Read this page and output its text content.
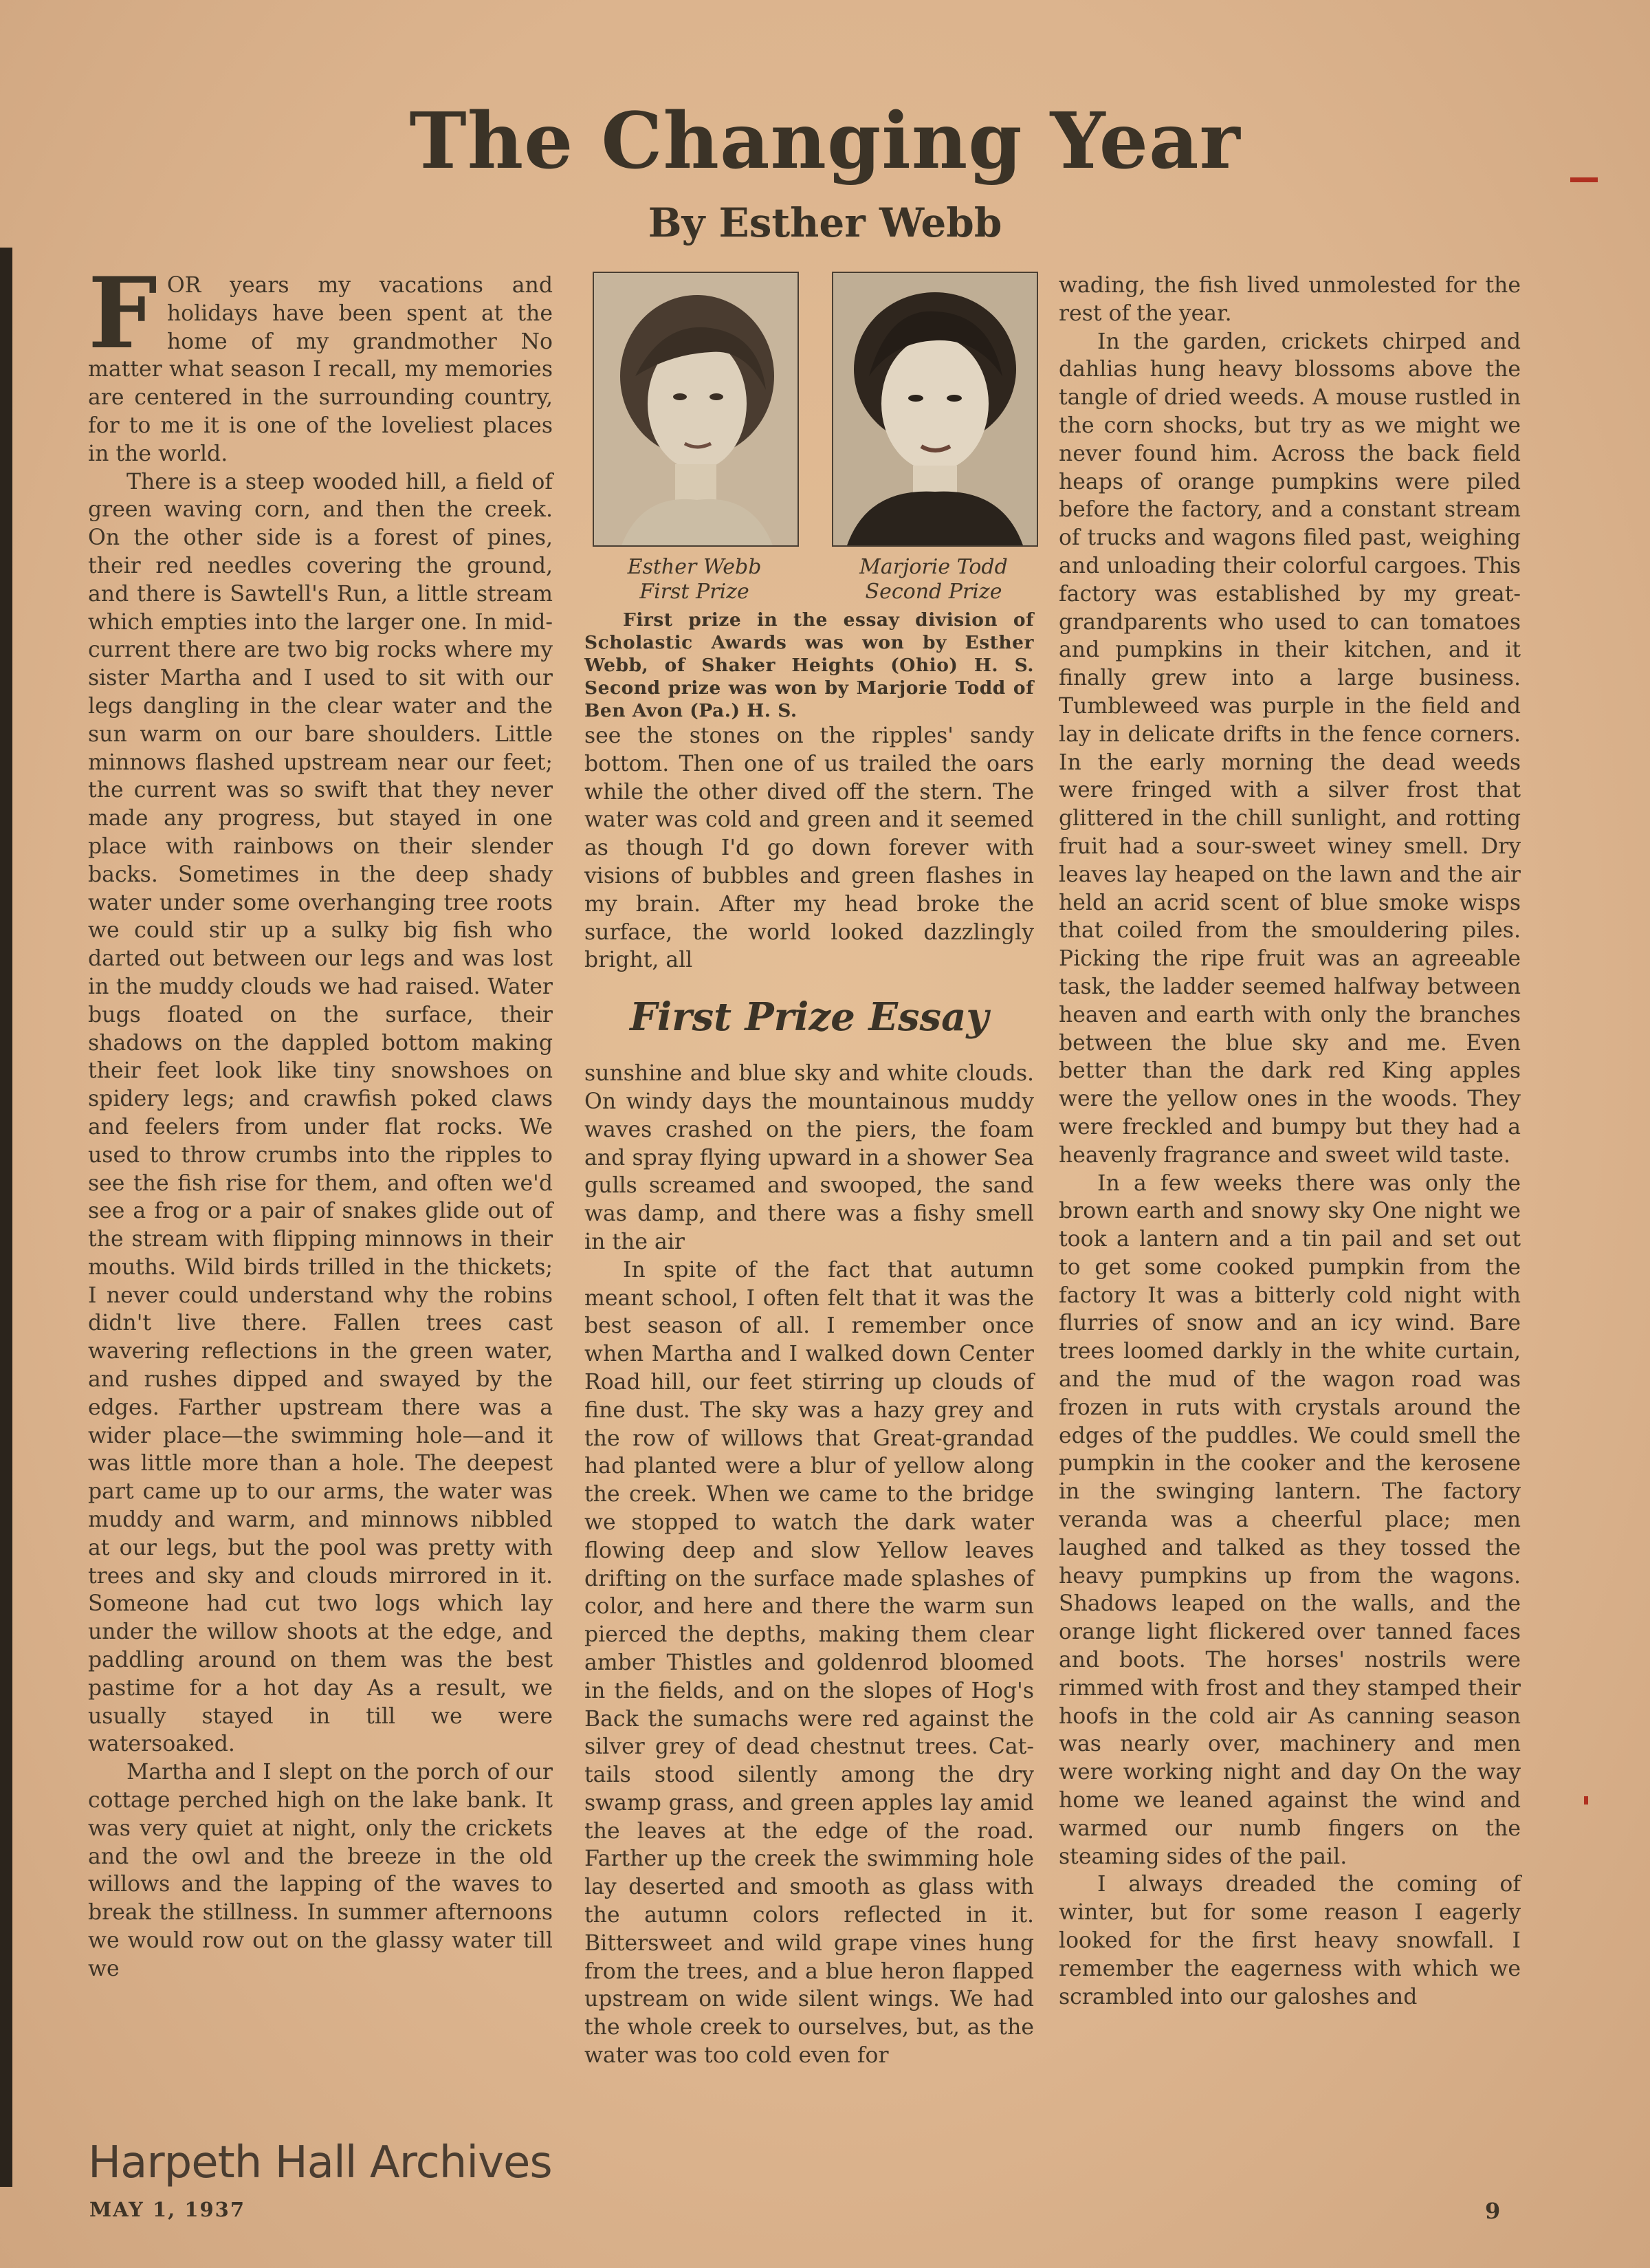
The Changing Year
By Esther Webb

FOR years my vacations and holidays have been spent at the home of my grandmother No matter what season I recall, my memories are centered in the surrounding country, for to me it is one of the loveliest places in the world.

There is a steep wooded hill, a field of green waving corn, and then the creek. On the other side is a forest of pines, their red needles covering the ground, and there is Sawtell's Run, a little stream which empties into the larger one. In mid-current there are two big rocks where my sister Martha and I used to sit with our legs dangling in the clear water and the sun warm on our bare shoulders. Little minnows flashed upstream near our feet; the current was so swift that they never made any progress, but stayed in one place with rainbows on their slender backs. Sometimes in the deep shady water under some overhanging tree roots we could stir up a sulky big fish who darted out between our legs and was lost in the muddy clouds we had raised. Water bugs floated on the surface, their shadows on the dappled bottom making their feet look like tiny snowshoes on spidery legs; and crawfish poked claws and feelers from under flat rocks. We used to throw crumbs into the ripples to see the fish rise for them, and often we'd see a frog or a pair of snakes glide out of the stream with flipping minnows in their mouths. Wild birds trilled in the thickets; I never could understand why the robins didn't live there. Fallen trees cast wavering reflections in the green water, and rushes dipped and swayed by the edges. Farther upstream there was a wider place—the swimming hole—and it was little more than a hole. The deepest part came up to our arms, the water was muddy and warm, and minnows nibbled at our legs, but the pool was pretty with trees and sky and clouds mirrored in it. Someone had cut two logs which lay under the willow shoots at the edge, and paddling around on them was the best pastime for a hot day As a result, we usually stayed in till we were watersoaked.

Martha and I slept on the porch of our cottage perched high on the lake bank. It was very quiet at night, only the crickets and the owl and the breeze in the old willows and the lapping of the waves to break the stillness. In summer afternoons we would row out on the glassy water till we

Esther Webb
First Prize
Marjorie Todd
Second Prize

First prize in the essay division of Scholastic Awards was won by Esther Webb, of Shaker Heights (Ohio) H. S. Second prize was won by Marjorie Todd of Ben Avon (Pa.) H. S.

see the stones on the ripples' sandy bottom. Then one of us trailed the oars while the other dived off the stern. The water was cold and green and it seemed as though I'd go down forever with visions of bubbles and green flashes in my brain. After my head broke the surface, the world looked dazzlingly bright, all

First Prize Essay

sunshine and blue sky and white clouds. On windy days the mountainous muddy waves crashed on the piers, the foam and spray flying upward in a shower Sea gulls screamed and swooped, the sand was damp, and there was a fishy smell in the air

In spite of the fact that autumn meant school, I often felt that it was the best season of all. I remember once when Martha and I walked down Center Road hill, our feet stirring up clouds of fine dust. The sky was a hazy grey and the row of willows that Great-grandad had planted were a blur of yellow along the creek. When we came to the bridge we stopped to watch the dark water flowing deep and slow Yellow leaves drifting on the surface made splashes of color, and here and there the warm sun pierced the depths, making them clear amber Thistles and goldenrod bloomed in the fields, and on the slopes of Hog's Back the sumachs were red against the silver grey of dead chestnut trees. Cat-tails stood silently among the dry swamp grass, and green apples lay amid the leaves at the edge of the road. Farther up the creek the swimming hole lay deserted and smooth as glass with the autumn colors reflected in it. Bittersweet and wild grape vines hung from the trees, and a blue heron flapped upstream on wide silent wings. We had the whole creek to ourselves, but, as the water was too cold even for

wading, the fish lived unmolested for the rest of the year.

In the garden, crickets chirped and dahlias hung heavy blossoms above the tangle of dried weeds. A mouse rustled in the corn shocks, but try as we might we never found him. Across the back field heaps of orange pumpkins were piled before the factory, and a constant stream of trucks and wagons filed past, weighing and unloading their colorful cargoes. This factory was established by my great-grandparents who used to can tomatoes and pumpkins in their kitchen, and it finally grew into a large business. Tumbleweed was purple in the field and lay in delicate drifts in the fence corners. In the early morning the dead weeds were fringed with a silver frost that glittered in the chill sunlight, and rotting fruit had a sour-sweet winey smell. Dry leaves lay heaped on the lawn and the air held an acrid scent of blue smoke wisps that coiled from the smouldering piles. Picking the ripe fruit was an agreeable task, the ladder seemed halfway between heaven and earth with only the branches between the blue sky and me. Even better than the dark red King apples were the yellow ones in the woods. They were freckled and bumpy but they had a heavenly fragrance and sweet wild taste.

In a few weeks there was only the brown earth and snowy sky One night we took a lantern and a tin pail and set out to get some cooked pumpkin from the factory It was a bitterly cold night with flurries of snow and an icy wind. Bare trees loomed darkly in the white curtain, and the mud of the wagon road was frozen in ruts with crystals around the edges of the puddles. We could smell the pumpkin in the cooker and the kerosene in the swinging lantern. The factory veranda was a cheerful place; men laughed and talked as they tossed the heavy pumpkins up from the wagons. Shadows leaped on the walls, and the orange light flickered over tanned faces and boots. The horses' nostrils were rimmed with frost and they stamped their hoofs in the cold air As canning season was nearly over, machinery and men were working night and day On the way home we leaned against the wind and warmed our numb fingers on the steaming sides of the pail.

I always dreaded the coming of winter, but for some reason I eagerly looked for the first heavy snowfall. I remember the eagerness with which we scrambled into our galoshes and

Harpeth Hall Archives
MAY 1, 1937	9
